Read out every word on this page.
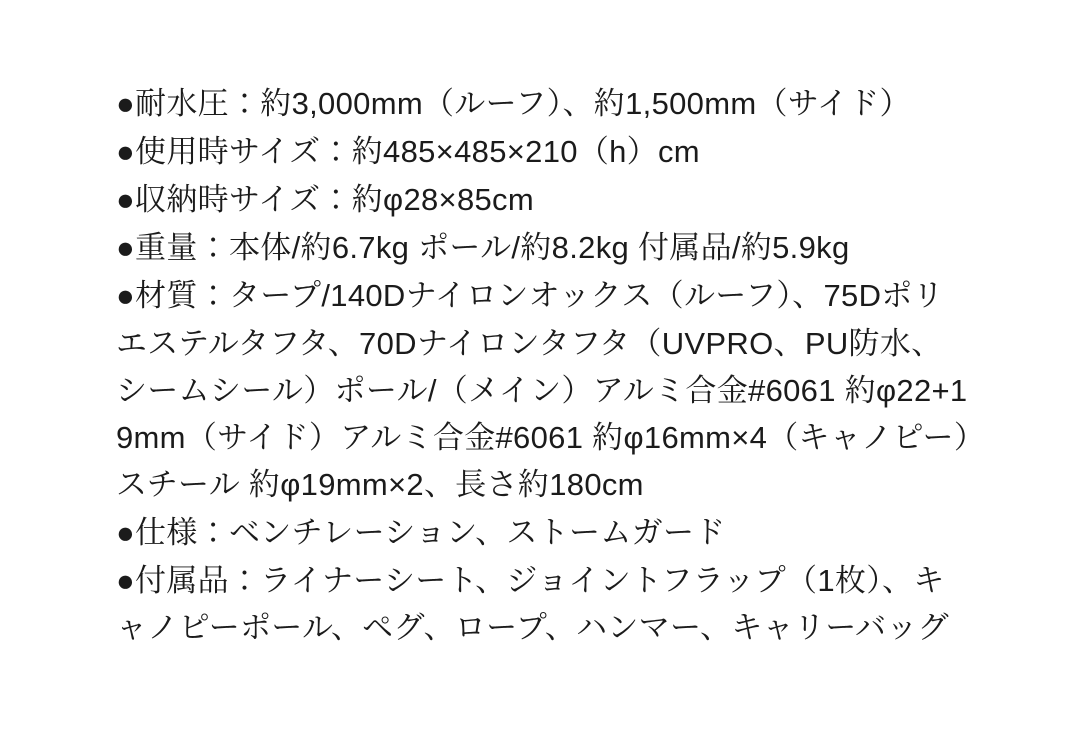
●耐水圧：約3,000mm（ルーフ）、約1,500mm（サイド）
●使用時サイズ：約485×485×210（h）cm
●収納時サイズ：約φ28×85cm
●重量：本体/約6.7kg ポール/約8.2kg 付属品/約5.9kg
●材質：タープ/140Dナイロンオックス（ルーフ）、75Dポリエステルタフタ、70Dナイロンタフタ（UVPRO、PU防水、シームシール）ポール/（メイン）アルミ合金#6061 約φ22+19mm（サイド）アルミ合金#6061 約φ16mm×4（キャノピー）スチール 約φ19mm×2、長さ約180cm
●仕様：ベンチレーション、ストームガード
●付属品：ライナーシート、ジョイントフラップ（1枚）、キャノピーポール、ペグ、ロープ、ハンマー、キャリーバッグ
